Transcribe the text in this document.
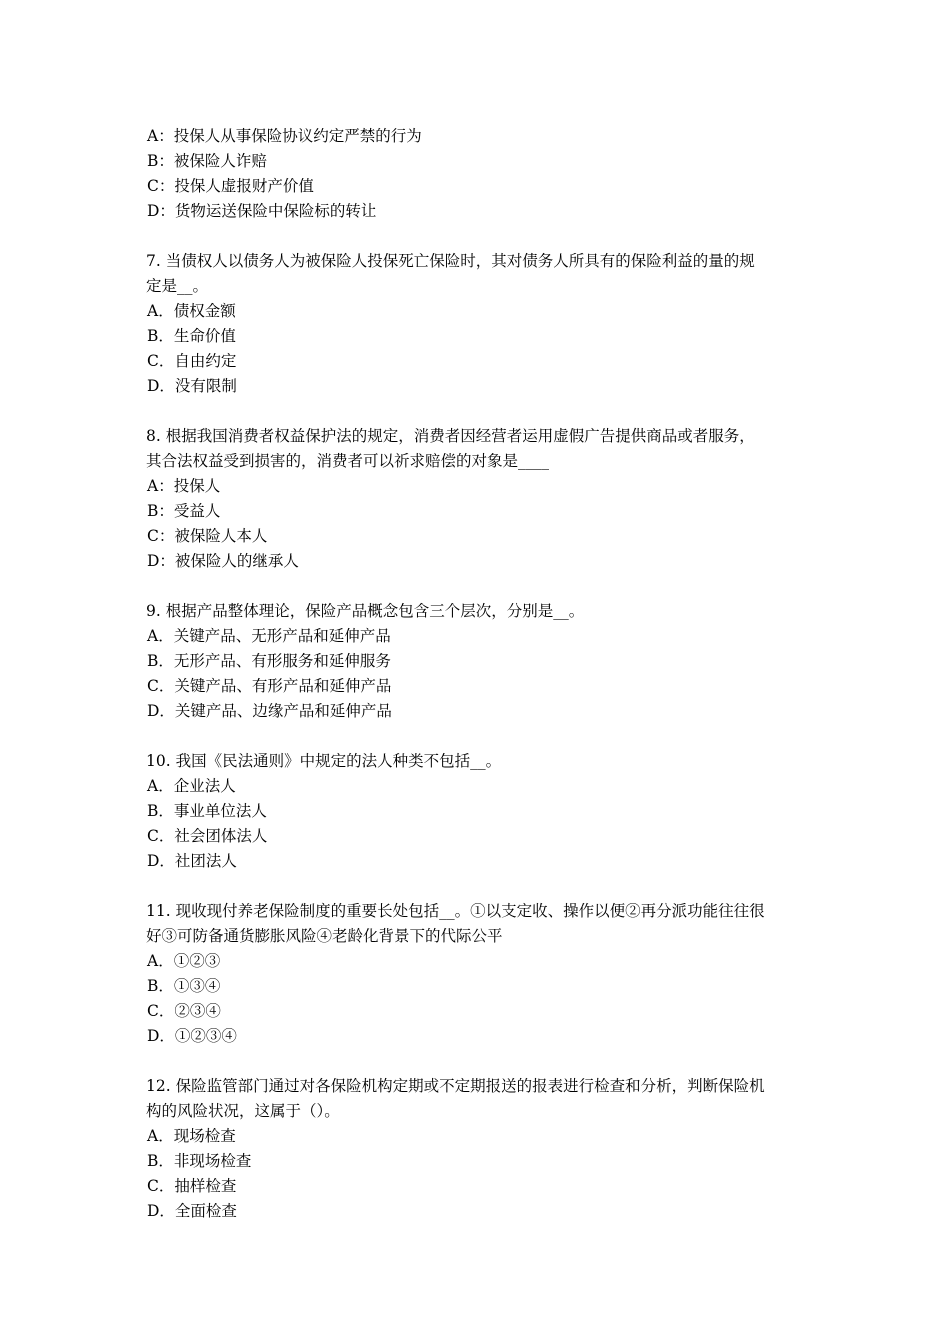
A：投保人从事保险协议约定严禁的行为
B：被保险人诈赔
C：投保人虚报财产价值
D：货物运送保险中保险标的转让
7. 当债权人以债务人为被保险人投保死亡保险时，其对债务人所具有的保险利益的量的规
定是__。
A．债权金额
B．生命价值
C．自由约定
D．没有限制
8. 根据我国消费者权益保护法的规定，消费者因经营者运用虚假广告提供商品或者服务，
其合法权益受到损害的，消费者可以祈求赔偿的对象是____
A：投保人
B：受益人
C：被保险人本人
D：被保险人的继承人
9. 根据产品整体理论，保险产品概念包含三个层次，分别是__。
A．关键产品、无形产品和延伸产品
B．无形产品、有形服务和延伸服务
C．关键产品、有形产品和延伸产品
D．关键产品、边缘产品和延伸产品
10. 我国《民法通则》中规定的法人种类不包括__。
A．企业法人
B．事业单位法人
C．社会团体法人
D．社团法人
11. 现收现付养老保险制度的重要长处包括__。①以支定收、操作以便②再分派功能往往很
好③可防备通货膨胀风险④老龄化背景下的代际公平
A．①②③
B．①③④
C．②③④
D．①②③④
12. 保险监管部门通过对各保险机构定期或不定期报送的报表进行检查和分析，判断保险机
构的风险状况，这属于（）。
A．现场检查
B．非现场检查
C．抽样检查
D．全面检查
